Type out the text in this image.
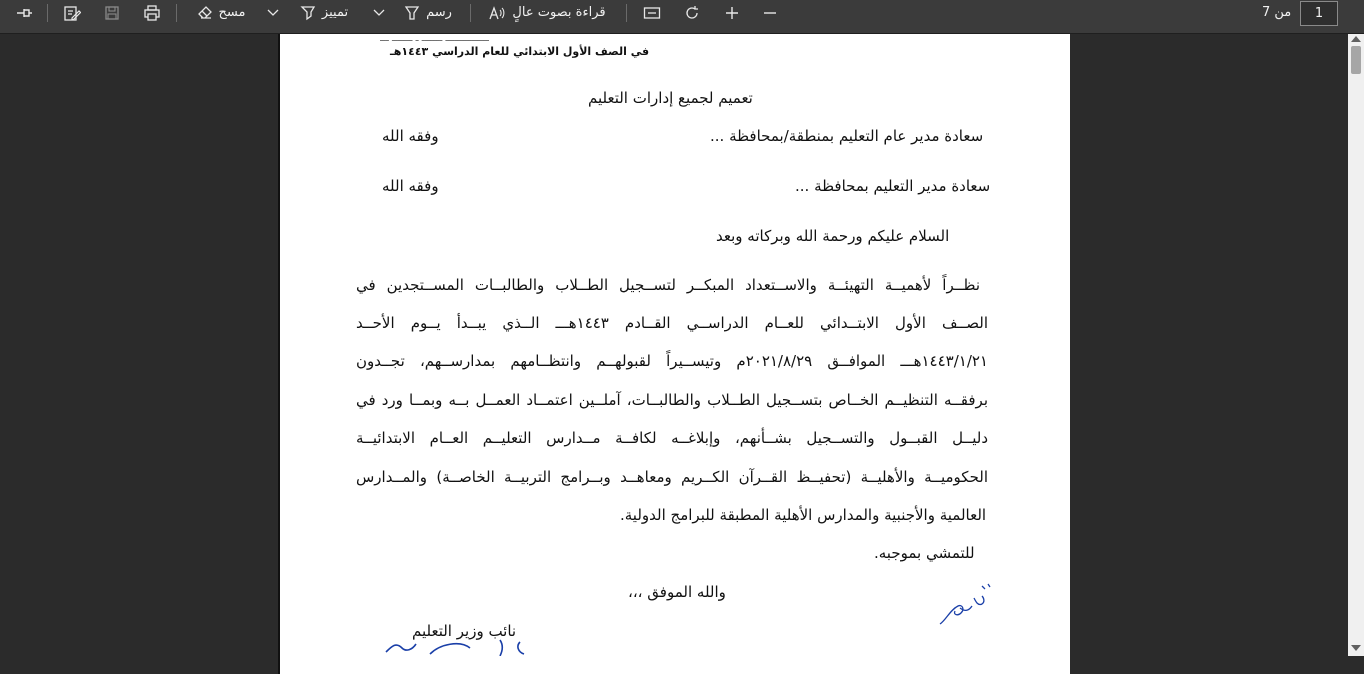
مسح	تمييز	رسم	قراءة بصوت عالٍ	من 7	1
ـــــــــــــــ ـــــــ ـ ـــــــ ـــ
في الصف الأول الابتدائي للعام الدراسي ١٤٤٣هـ
تعميم لجميع إدارات التعليم
سعادة مدير عام التعليم بمنطقة/بمحافظة ...
وفقه الله
سعادة مدير التعليم بمحافظة ...
وفقه الله
السلام عليكم ورحمة الله وبركاته وبعد
نظــراً لأهميــة التهيئــة والاســتعداد المبكــر لتســجيل الطــلاب والطالبــات المســتجدين في
الصــف الأول الابتــدائي للعــام الدراســي القــادم ١٤٤٣هـــ الــذي يبــدأ يــوم الأحــد
١٤٤٣/١/٢١هـــ الموافــق ٢٠٢١/٨/٢٩م وتيســيراً لقبولهــم وانتظــامهم بمدارســهم، تجــدون
برفقــه التنظيــم الخــاص بتســجيل الطــلاب والطالبــات، آملــين اعتمــاد العمــل بــه وبمــا ورد في
دليــل القبــول والتســجيل بشــأنهم، وإبلاغــه لكافــة مــدارس التعليــم العــام الابتدائيــة
الحكوميــة والأهليــة (تحفيــظ القــرآن الكــريم ومعاهــد وبــرامج التربيــة الخاصــة) والمــدارس
العالمية والأجنبية والمدارس الأهلية المطبقة للبرامج الدولية.
للتمشي بموجبه.
والله الموفق ،،،
نائب وزير التعليم
